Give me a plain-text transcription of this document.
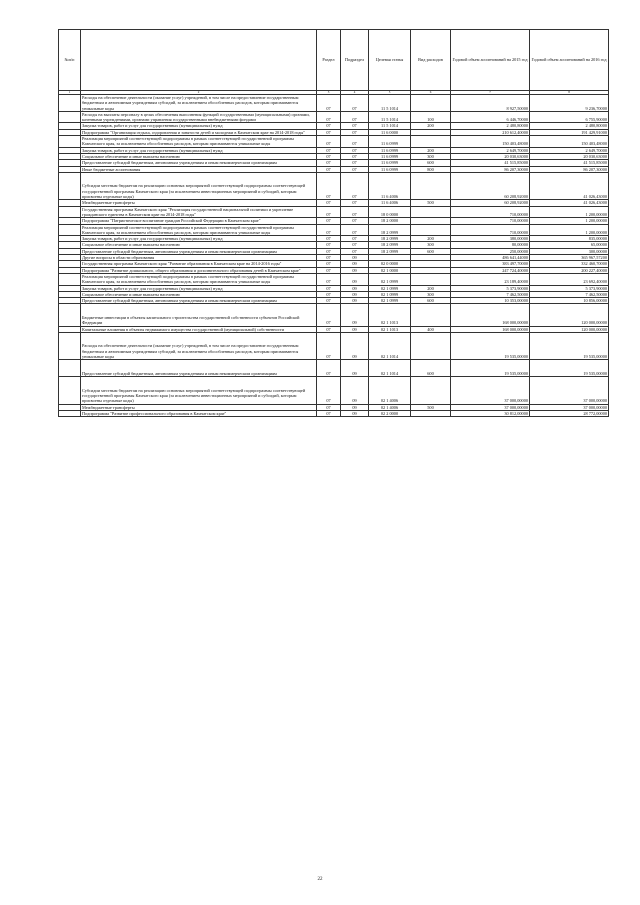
№п/п		Раздел	Подраздел	Целевая статья	Вид расходов	Годовой объем ассигнований на 2015 год	Годовой объем ассигнований на 2016 год
1	2	3	4	5	6	7	8
	Расходы на обеспечение деятельности (оказание услуг) учреждений, в том числе на предоставление государственным бюджетным и автономным учреждениям субсидий, за исключением обособленных расходов, которым присваиваются уникальные коды	07	07	11 5 1014		8 927,50000	9 236,70000
	Расходы на выплаты персоналу в целях обеспечения выполнения функций государственными (муниципальными) органами, казенными учреждениями, органами управления государственными внебюджетными фондами	07	07	11 5 1014	100	6 446,70000	6 755,90000
	Закупка товаров, работ и услуг для государственных (муниципальных) нужд	07	07	11 5 1014	200	2 480,80000	2 480,80000
	Подпрограмма "Организация отдыха, оздоровления и занятости детей и молодежи в Камчатском крае на 2014-2018 годы"	07	07	11 6 0000		210 612,40000	191 429,91000
	Реализация мероприятий соответствующей подпрограммы в рамках соответствующей государственной программы Камчатского края, за исключением обособленных расходов, которым присваиваются уникальные коды	07	07	11 6 0999		150 403,48000	150 403,48000
	Закупка товаров, работ и услуг для государственных (муниципальных) нужд	07	07	11 6 0999	200	2 649,70000	2 649,70000
	Социальное обеспечение и иные выплаты населению	07	07	11 6 0999	300	20 030,63000	20 030,63000
	Предоставление субсидий бюджетным, автономным учреждениям и иным некоммерческим организациям	07	07	11 6 0999	600	41 515,85000	41 515,85000
	Иные бюджетные ассигнования	07	07	11 6 0999	800	86 207,30000	86 207,30000
	Субсидии местным бюджетам на реализацию основных мероприятий соответствующей подпрограммы соответствующей государственной программы Камчатского края (за исключением инвестиционных мероприятий и субсидий, которым присвоены отдельные коды)	07	07	11 6 4006		60 208,92000	41 026,43000
	Межбюджетные трансферты	07	07	11 6 4006	500	60 208,92000	41 026,43000
	Государственная программа Камчатского края "Реализация государственной национальной политики и укрепление гражданского единства в Камчатском крае на 2014-2018 годы"	07	07	18 0 0000		710,00000	1 200,00000
	Подпрограмма "Патриотическое воспитание граждан Российской Федерации в Камчатском крае"	07	07	18 2 0000		710,00000	1 200,00000
	Реализация мероприятий соответствующей подпрограммы в рамках соответствующей государственной программы Камчатского края, за исключением обособленных расходов, которым присваиваются уникальные коды	07	07	18 2 0999		710,00000	1 200,00000
	Закупка товаров, работ и услуг для государственных (муниципальных) нужд	07	07	18 2 0999	200	380,00000	835,00000
	Социальное обеспечение и иные выплаты населению	07	07	18 2 0999	300	80,00000	65,00000
	Предоставление субсидий бюджетным, автономным учреждениям и иным некоммерческим организациям	07	07	18 2 0999	600	250,00000	300,00000
	Другие вопросы в области образования	07	09			486 641,44000	365 967,57200
	Государственная программа Камчатского края "Развитие образования в Камчатском крае на 2014-2016 годы"	07	09	02 0 0000		383 497,70000	332 460,70000
	Подпрограмма "Развитие дошкольного, общего образования и дополнительного образования детей в Камчатском крае"	07	09	02 1 0000		247 724,40000	200 227,40000
	Реализация мероприятий соответствующей подпрограммы в рамках соответствующей государственной программы Камчатского края, за исключением обособленных расходов, которым присваиваются уникальные коды	07	09	02 1 0999		23 189,40000	23 692,40000
	Закупка товаров, работ и услуг для государственных (муниципальных) нужд	07	09	02 1 0999	200	5 373,90000	5 373,90000
	Социальное обеспечение и иные выплаты населению	07	09	02 1 0999	300	7 462,50000	7 462,50000
	Предоставление субсидий бюджетным, автономным учреждениям и иным некоммерческим организациям	07	09	02 1 0999	600	10 353,00000	10 856,00000
	Бюджетные инвестиции в объекты капитального строительства государственной собственности субъектов Российской Федерации	07	09	02 1 1013		168 000,00000	120 000,00000
	Капитальные вложения в объекты недвижимого имущества государственной (муниципальной) собственности	07	09	02 1 1013	400	168 000,00000	120 000,00000
	Расходы на обеспечение деятельности (оказание услуг) учреждений, в том числе на предоставление государственным бюджетным и автономным учреждениям субсидий, за исключением обособленных расходов, которым присваиваются уникальные коды	07	09	02 1 1014		19 535,00000	19 535,00000
	Предоставление субсидий бюджетным, автономным учреждениям и иным некоммерческим организациям	07	09	02 1 1014	600	19 535,00000	19 535,00000
	Субсидии местным бюджетам на реализацию основных мероприятий соответствующей подпрограммы соответствующей государственной программы Камчатского края (за исключением инвестиционных мероприятий и субсидий, которым присвоены отдельные коды)	07	09	02 1 4006		37 000,00000	37 000,00000
	Межбюджетные трансферты	07	09	02 1 4006	500	37 000,00000	37 000,00000
	Подпрограмма "Развитие профессионального образования в Камчатском крае"	07	09	02 2 0000		30 812,00000	28 772,00000
22
